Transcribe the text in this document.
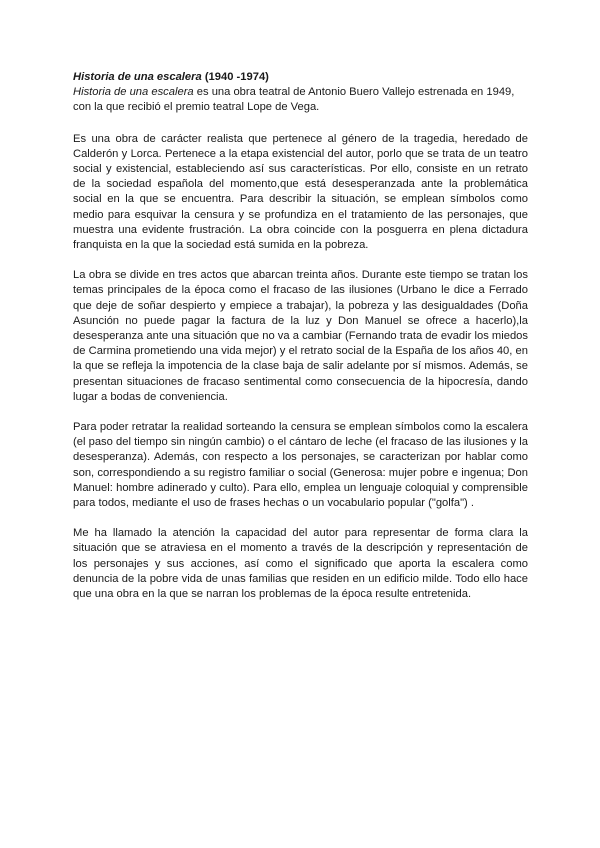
Historia de una escalera (1940 -1974)

Historia de una escalera es una obra teatral de Antonio Buero Vallejo estrenada en 1949, con la que recibió el premio teatral Lope de Vega.

Es una obra de carácter realista que pertenece al género de la tragedia, heredado de Calderón y Lorca. Pertenece a la etapa existencial del autor, porlo que se trata de un teatro social y existencial, estableciendo así sus características. Por ello, consiste en un retrato de la sociedad española del momento,que está desesperanzada ante la problemática social en la que se encuentra. Para describir la situación, se emplean símbolos como medio para esquivar la censura y se profundiza en el tratamiento de las personajes, que muestra una evidente frustración. La obra coincide con la posguerra en plena dictadura franquista en la que la sociedad está sumida en la pobreza.

La obra se divide en tres actos que abarcan treinta años. Durante este tiempo se tratan los temas principales de la época como el fracaso de las ilusiones (Urbano le dice a Ferrado que deje de soñar despierto y empiece a trabajar), la pobreza y las desigualdades (Doña Asunción no puede pagar la factura de la luz y Don Manuel se ofrece a hacerlo),la desesperanza ante una situación que no va a cambiar (Fernando trata de evadir los miedos de Carmina prometiendo una vida mejor) y el retrato social de la España de los años 40, en la que se refleja la impotencia de la clase baja de salir adelante por sí mismos. Además, se presentan situaciones de fracaso sentimental como consecuencia de la hipocresía, dando lugar a bodas de conveniencia.

Para poder retratar la realidad sorteando la censura se emplean símbolos como la escalera (el paso del tiempo sin ningún cambio) o el cántaro de leche (el fracaso de las ilusiones y la desesperanza). Además, con respecto a los personajes, se caracterizan por hablar como son, correspondiendo a su registro familiar o social (Generosa: mujer pobre e ingenua; Don Manuel: hombre adinerado y culto). Para ello, emplea un lenguaje coloquial y comprensible para todos, mediante el uso de frases hechas o un vocabulario popular ("golfa") .

Me ha llamado la atención la capacidad del autor para representar de forma clara la situación que se atraviesa en el momento a través de la descripción y representación de los personajes y sus acciones, así como el significado que aporta la escalera como denuncia de la pobre vida de unas familias que residen en un edificio milde. Todo ello hace que una obra en la que se narran los problemas de la época resulte entretenida.
